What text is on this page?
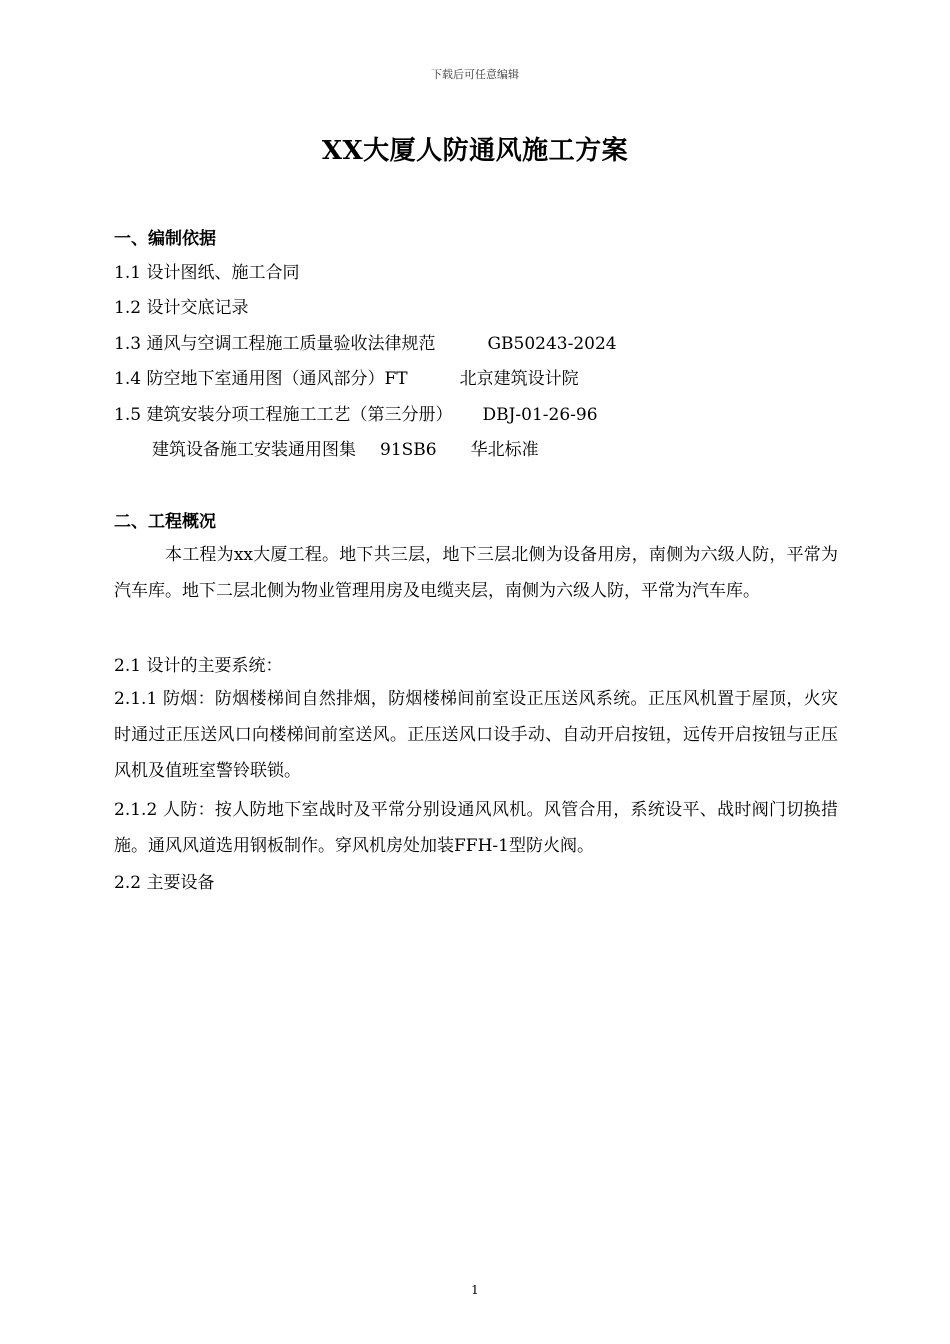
下载后可任意编辑
XX大厦人防通风施工方案
一、编制依据
1.1 设计图纸、施工合同
1.2 设计交底记录
1.3 通风与空调工程施工质量验收法律规范	GB50243-2024
1.4 防空地下室通用图（通风部分）FT	北京建筑设计院
1.5 建筑安装分项工程施工工艺（第三分册） DBJ-01-26-96
建筑设备施工安装通用图集 91SB6 华北标准
二、工程概况
本工程为xx大厦工程。地下共三层，地下三层北侧为设备用房，南侧为六级人防，平常为汽车库。地下二层北侧为物业管理用房及电缆夹层，南侧为六级人防，平常为汽车库。
2.1 设计的主要系统：
2.1.1 防烟：防烟楼梯间自然排烟，防烟楼梯间前室设正压送风系统。正压风机置于屋顶，火灾时通过正压送风口向楼梯间前室送风。正压送风口设手动、自动开启按钮，远传开启按钮与正压风机及值班室警铃联锁。
2.1.2 人防：按人防地下室战时及平常分别设通风风机。风管合用，系统设平、战时阀门切换措施。通风风道选用钢板制作。穿风机房处加装FFH-1型防火阀。
2.2 主要设备
1
